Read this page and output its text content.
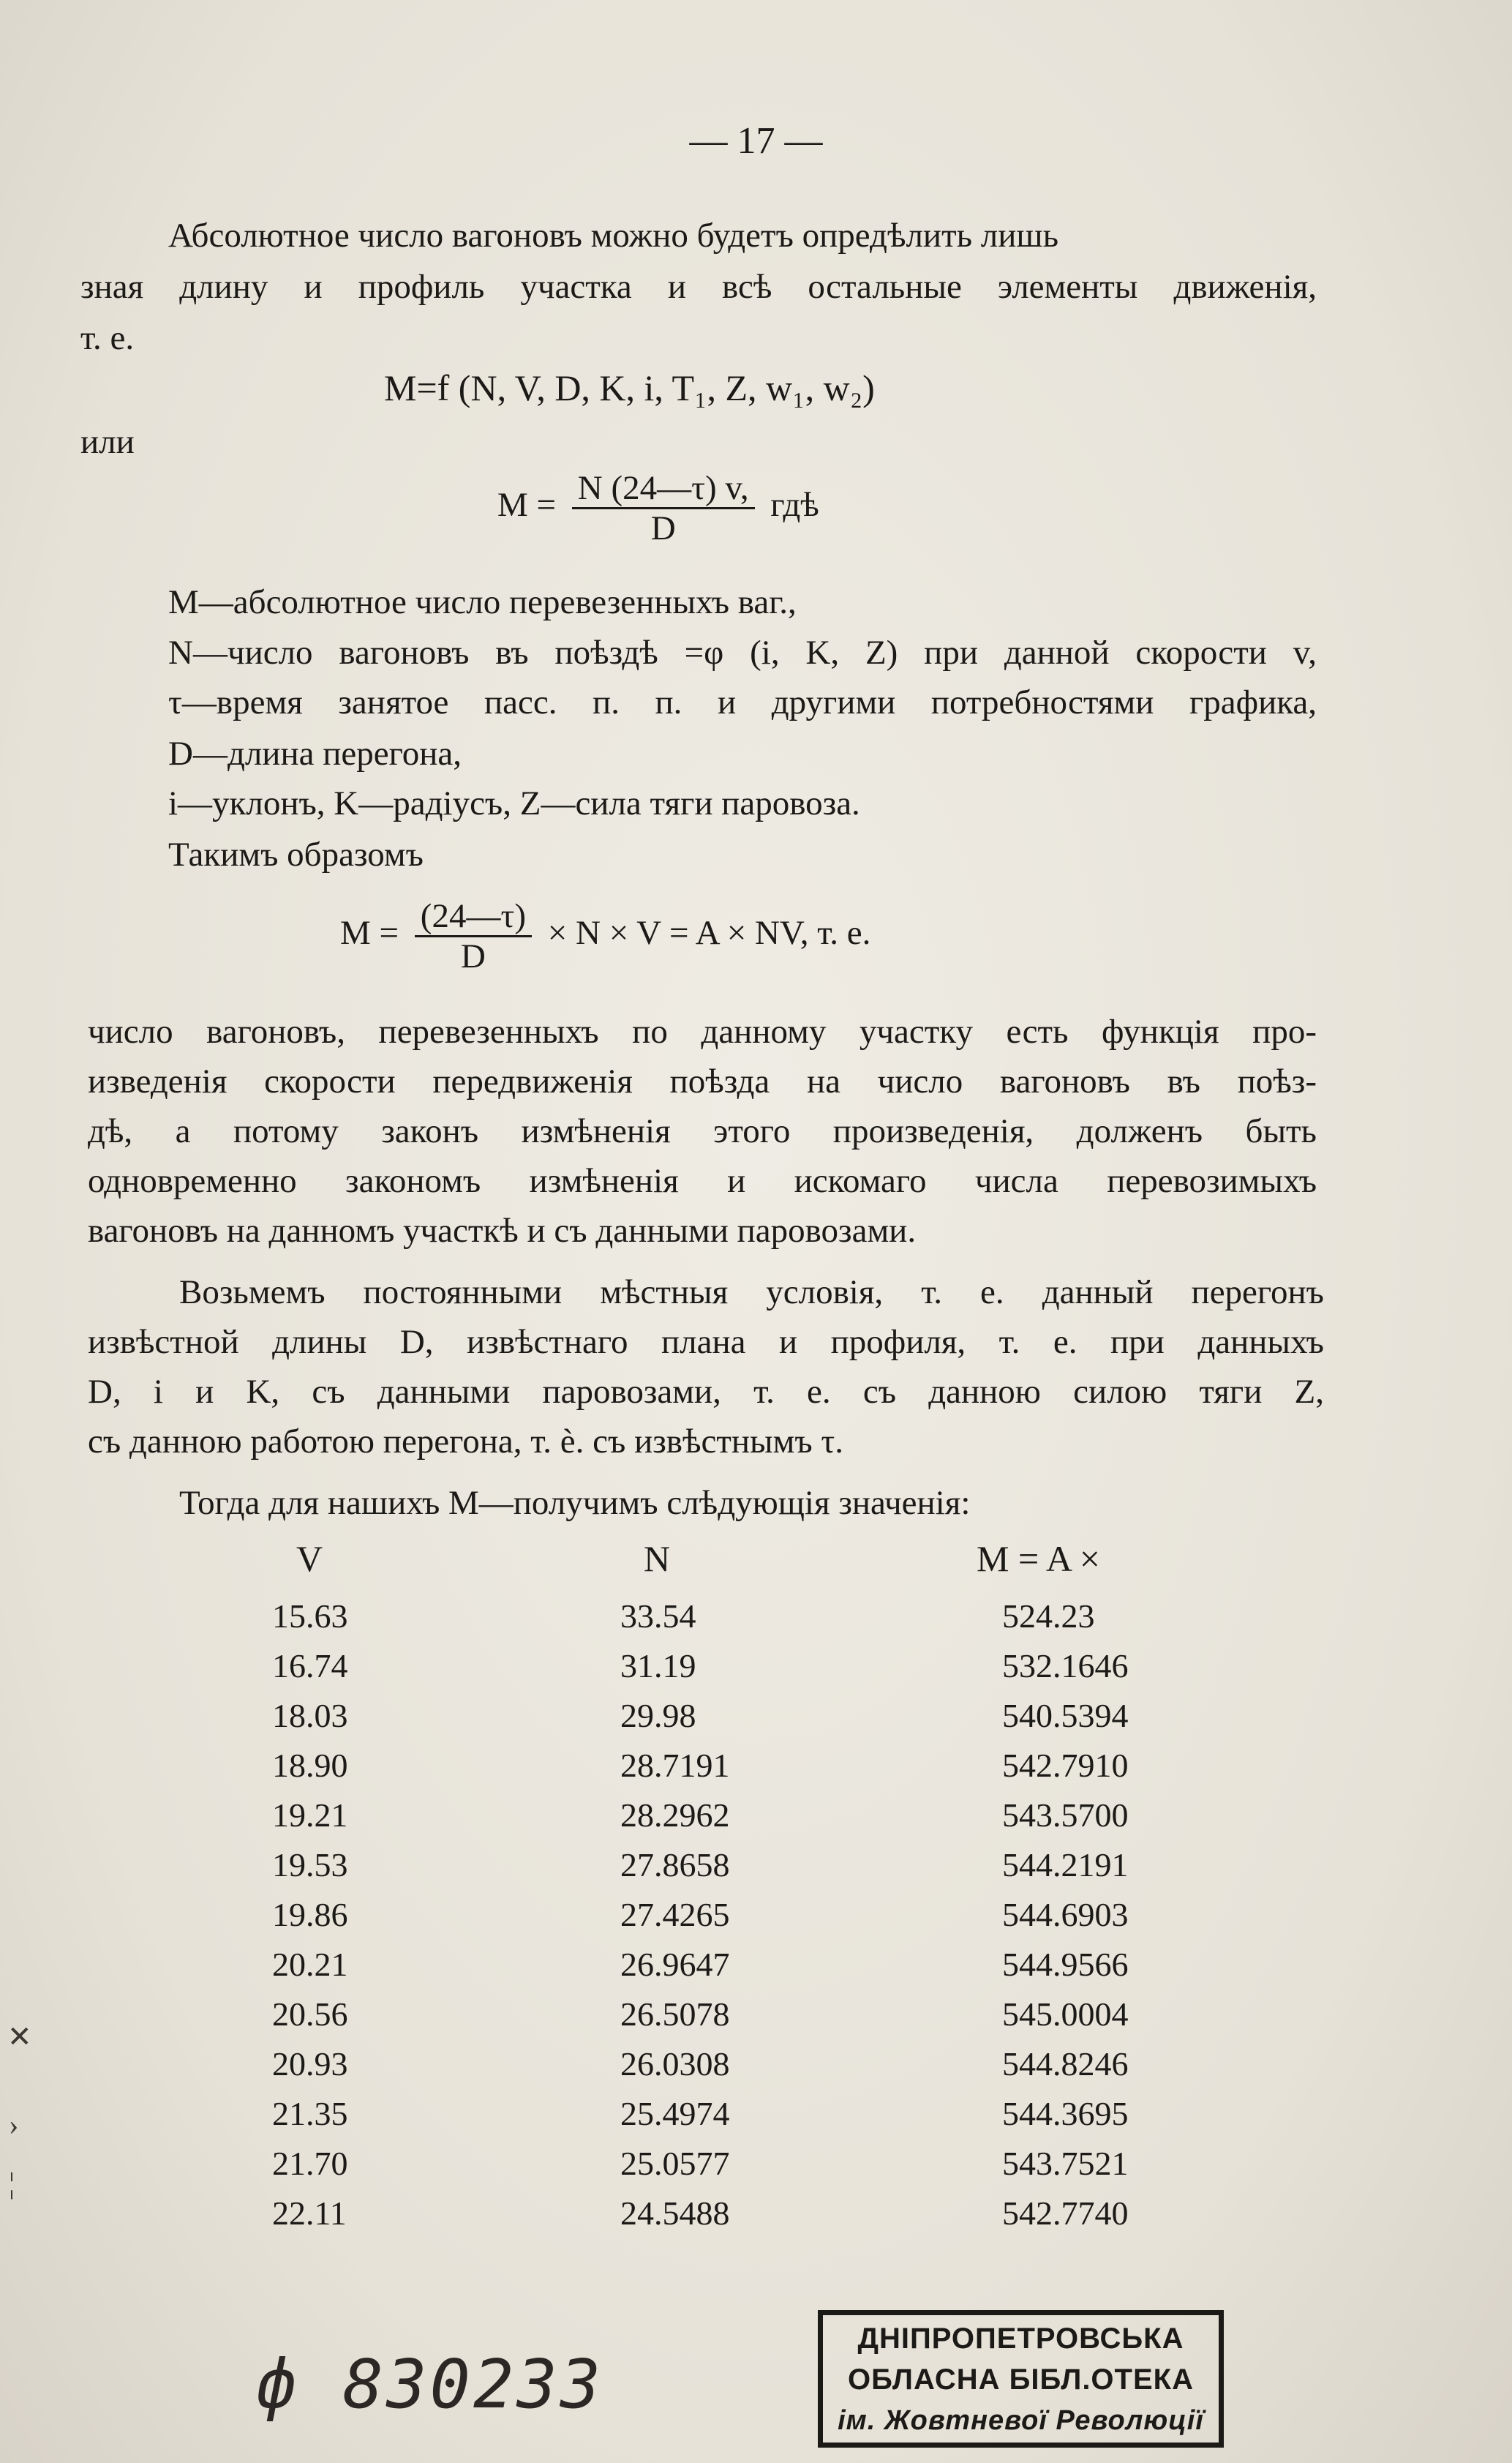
— 17 —
Абсолютное число вагоновъ можно будетъ опредѣлить лишь
зная длину и профиль участка и всѣ остальные элементы движенія,
т. е.
M=f (N, V, D, K, i, T₁, Z, w₁, w₂)
или
$M = \frac{N (24—\tau) v,}{D}$ гдѣ
M—абсолютное число перевезенныхъ ваг.,
N—число вагоновъ въ поѣздѣ =φ (i, K, Z) при данной скорости v,
τ—время занятое пасс. п. п. и другими потребностями графика,
D—длина перегона,
i—уклонъ, K—радіусъ, Z—сила тяги паровоза.
Такимъ образомъ
$M = \frac{(24—\tau)}{D} \times N \times V = A$ × NV, т. е.
число вагоновъ, перевезенныхъ по данному участку есть функція про-
изведенія скорости передвиженія поѣзда на число вагоновъ въ поѣз-
дѣ, а потому законъ измѣненія этого произведенія, долженъ быть
одновременно закономъ измѣненія и искомаго числа перевозимыхъ
вагоновъ на данномъ участкѣ и съ данными паровозами.
Возьмемъ постоянными мѣстныя условія, т. е. данный перегонъ
извѣстной длины D, извѣстнаго плана и профиля, т. е. при данныхъ
D, i и K, съ данными паровозами, т. е. съ данною силою тяги Z,
съ данною работою перегона, т. ѐ. съ извѣстнымъ τ.
Тогда для нашихъ M—получимъ слѣдующія значенія:
V	N	M = A ×
15.63
16.74
18.03
18.90
19.21
19.53
19.86
20.21
20.56
20.93
21.35
21.70
22.11
33.54
31.19
29.98
28.7191
28.2962
27.8658
27.4265
26.9647
26.5078
26.0308
25.4974
25.0577
24.5488
524.23
532.1646
540.5394
542.7910
543.5700
544.2191
544.6903
544.9566
545.0004
544.8246
544.3695
543.7521
542.7740
✕
›
¦
ф 830233
ДНІПРОПЕТРОВСЬКА
ОБЛАСНА БІБЛ.ОТЕКА
ім. Жовтневої Революції
